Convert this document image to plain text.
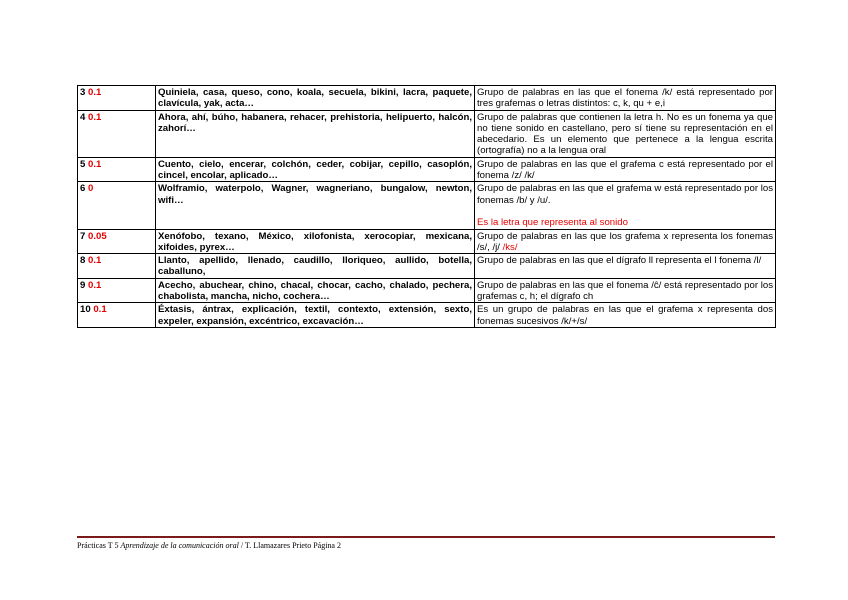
3 0.1	Quiniela, casa, queso, cono, koala, secuela, bikini, lacra, paquete, clavícula, yak, acta…	Grupo de palabras en las que el fonema /k/ está representado por tres grafemas o letras distintos: c, k, qu + e,i
4 0.1	Ahora, ahí, búho, habanera, rehacer, prehistoria, helipuerto, halcón, zahorí…	Grupo de palabras que contienen la letra h. No es un fonema ya que no tiene sonido en castellano, pero sí tiene su representación en el abecedario. Es un elemento que pertenece a la lengua escrita (ortografía) no a la lengua oral
5 0.1	Cuento, cielo, encerar, colchón, ceder, cobijar, cepillo, casoplón, cincel, encolar, aplicado…	Grupo de palabras en las que el grafema c está representado por el fonema /z/ /k/
6 0	Wolframio, waterpolo, Wagner, wagneriano, bungalow, newton, wifi…	Grupo de palabras en las que el grafema w está representado por los fonemas /b/ y /u/.
Es la letra que representa al sonido
7 0.05	Xenófobo, texano, México, xilofonista, xerocopiar, mexicana, xifoides, pyrex…	Grupo de palabras en las que los grafema x representa los fonemas /s/, /j/ /ks/
8 0.1	Llanto, apellido, llenado, caudillo, lloriqueo, aullido, botella, caballuno,	Grupo de palabras en las que el dígrafo ll representa el l fonema /l/
9 0.1	Acecho, abuchear, chino, chacal, chocar, cacho, chalado, pechera, chabolista, mancha, nicho, cochera…	Grupo de palabras en las que el fonema /ĉ/ está representado por los grafemas c, h; el dígrafo ch
10 0.1	Éxtasis, ántrax, explicación, textil, contexto, extensión, sexto, expeler, expansión, excéntrico, excavación…	Es un grupo de palabras en las que el grafema x representa dos fonemas sucesivos /k/+/s/
Prácticas T 5 Aprendizaje de la comunicación oral / T. Llamazares Prieto Página 2
